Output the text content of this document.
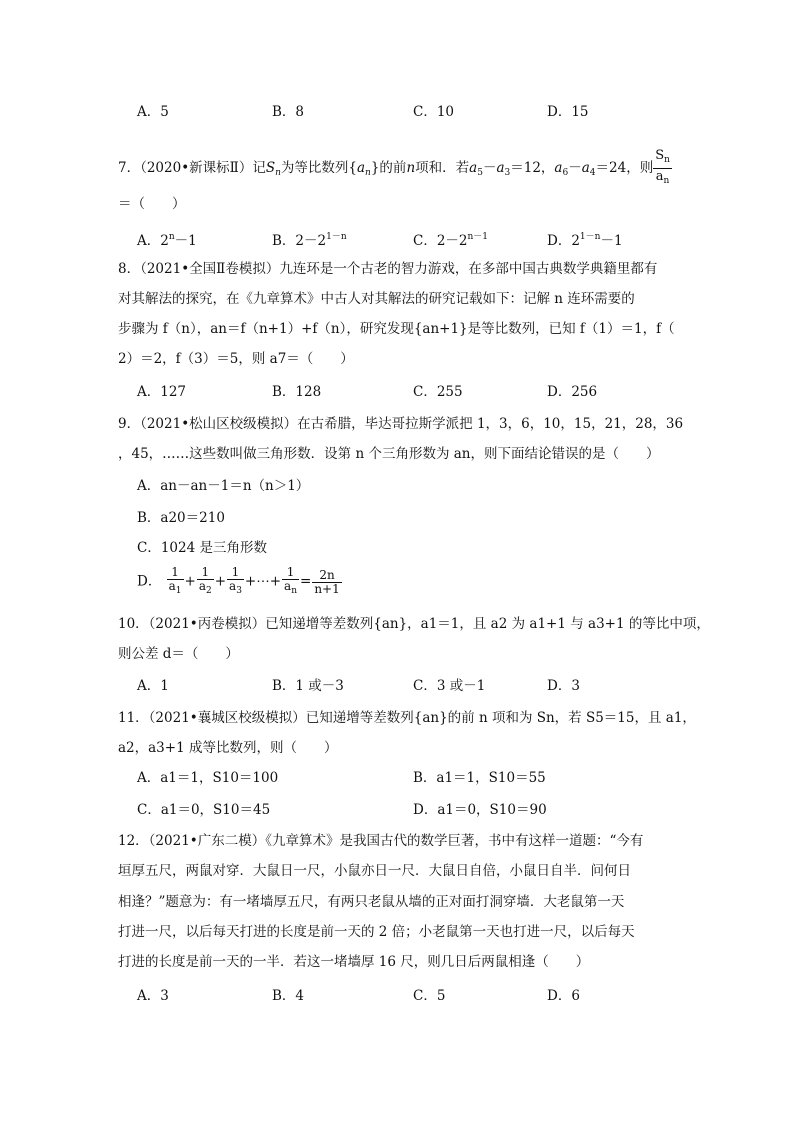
A．5	B．8	C．10	D．15
7．（2020•新课标Ⅱ）记$S_n$为等比数列$\{a_n\}$的前n项和．若$a_5-a_3=12$，$a_6-a_4=24$，则 $\frac{S_n}{a_n}$
＝（　　）
A．$2^n-1$	B．$2-2^{1-n}$	C．$2-2^{n-1}$	D．$2^{1-n}-1$
8．（2021•全国Ⅱ卷模拟）九连环是一个古老的智力游戏，在多部中国古典数学典籍里都有
对其解法的探究，在《九章算术》中古人对其解法的研究记载如下：记解 n 连环需要的
步骤为 f（n），an＝f（n+1）+f（n），研究发现{an+1}是等比数列，已知 f（1）＝1，f（
2）＝2，f（3）＝5，则 a7＝（　　）
A．127	B．128	C．255	D．256
9．（2021•松山区校级模拟）在古希腊，毕达哥拉斯学派把 1，3，6，10，15，21，28，36
，45，……这些数叫做三角形数．设第 n 个三角形数为 an，则下面结论错误的是（　　）
A．an－an－1＝n（n＞1）
B．a20＝210
C．1024 是三角形数
D． $\frac{1}{a_1} + \frac{1}{a_2} + \frac{1}{a_3}$ +⋯+ $\frac{1}{a_n} = \frac{2n}{n+1}$
10．（2021•丙卷模拟）已知递增等差数列{an}，a1＝1，且 a2 为 a1+1 与 a3+1 的等比中项，
则公差 d＝（　　）
A．1	B．1 或－3	C．3 或－1	D．3
11．（2021•襄城区校级模拟）已知递增等差数列{an}的前 n 项和为 Sn，若 S5＝15，且 a1，
a2，a3+1 成等比数列，则（　　）
A．a1＝1，S10＝100	B．a1＝1，S10＝55
C．a1＝0，S10＝45	D．a1＝0，S10＝90
12．（2021•广东二模）《九章算术》是我国古代的数学巨著，书中有这样一道题：“今有
垣厚五尺，两鼠对穿．大鼠日一尺，小鼠亦日一尺．大鼠日自倍，小鼠日自半．问何日
相逢？”题意为：有一堵墙厚五尺，有两只老鼠从墙的正对面打洞穿墙．大老鼠第一天
打进一尺，以后每天打进的长度是前一天的 2 倍；小老鼠第一天也打进一尺，以后每天
打进的长度是前一天的一半．若这一堵墙厚 16 尺，则几日后两鼠相逢（　　）
A．3	B．4	C．5	D．6
